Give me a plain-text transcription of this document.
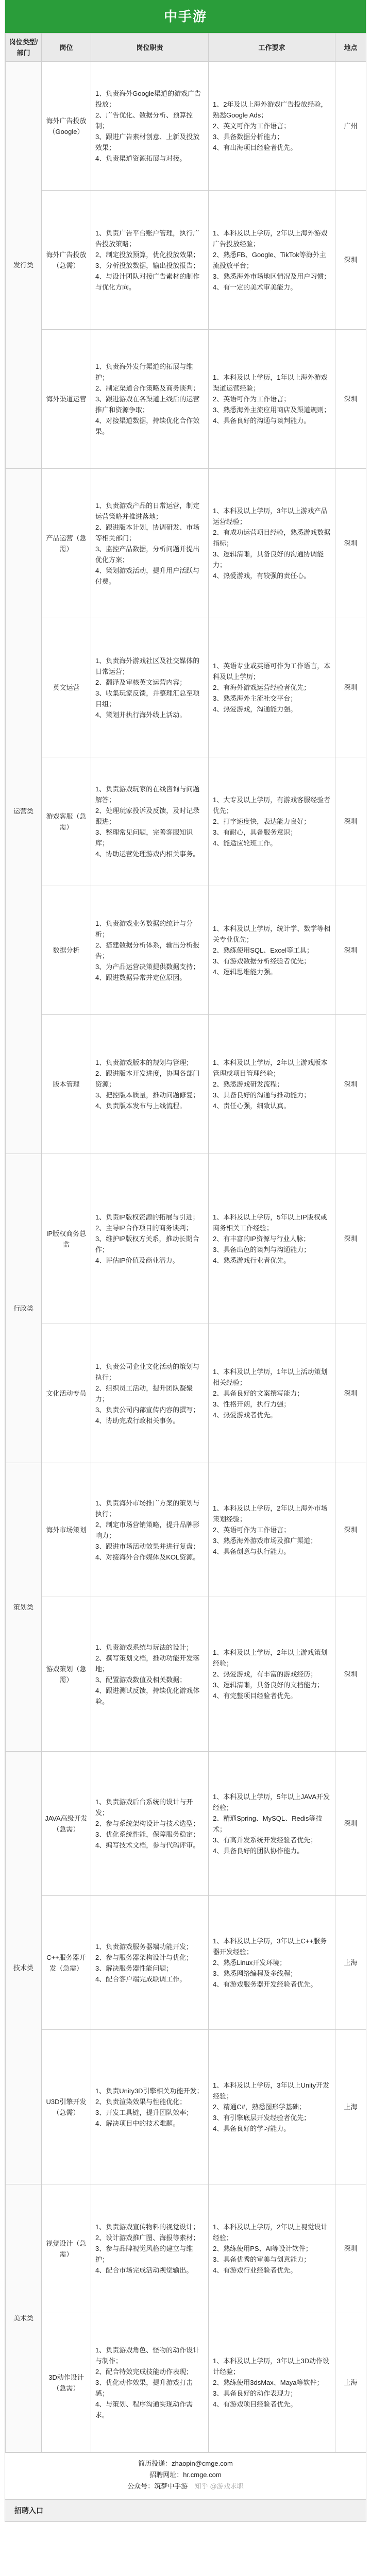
中手游
岗位类型/部门	岗位	岗位职责	工作要求	地点
发行类	海外广告投放（Google）	1、负责海外Google渠道的游戏广告投放；
2、广告优化、数据分析、预算控制；
3、跟进广告素材创意、上新及投放效果；
4、负责渠道资源拓展与对接。	1、2年及以上海外游戏广告投放经验，熟悉Google Ads；
2、英文可作为工作语言；
3、具备数据分析能力；
4、有出海项目经验者优先。	广州
	海外广告投放（急需）	1、负责广告平台账户管理，执行广告投放策略；
2、制定投放预算，优化投放效果；
3、分析投放数据，输出投放报告；
4、与设计团队对接广告素材的制作与优化方向。	1、本科及以上学历，2年以上海外游戏广告投放经验；
2、熟悉FB、Google、TikTok等海外主流投放平台；
3、熟悉海外市场地区情况及用户习惯；
4、有一定的美术审美能力。	深圳
	海外渠道运营	1、负责海外发行渠道的拓展与维护；
2、制定渠道合作策略及商务谈判；
3、跟进游戏在各渠道上线后的运营推广和资源争取；
4、对接渠道数据，持续优化合作效果。	1、本科及以上学历，1年以上海外游戏渠道运营经验；
2、英语可作为工作语言；
3、熟悉海外主流应用商店及渠道规则；
4、具备良好的沟通与谈判能力。	深圳
运营类	产品运营（急需）	1、负责游戏产品的日常运营，制定运营策略并推进落地；
2、跟进版本计划，协调研发、市场等相关部门；
3、监控产品数据，分析问题并提出优化方案；
4、策划游戏活动，提升用户活跃与付费。	1、本科及以上学历，3年以上游戏产品运营经验；
2、有成功运营项目经验，熟悉游戏数据指标；
3、逻辑清晰，具备良好的沟通协调能力；
4、热爱游戏，有较强的责任心。	深圳
	英文运营	1、负责海外游戏社区及社交媒体的日常运营；
2、翻译及审核英文运营内容；
3、收集玩家反馈，并整理汇总至项目组；
4、策划并执行海外线上活动。	1、英语专业或英语可作为工作语言，本科及以上学历；
2、有海外游戏运营经验者优先；
3、熟悉海外主流社交平台；
4、热爱游戏，沟通能力强。	深圳
	游戏客服（急需）	1、负责游戏玩家的在线咨询与问题解答；
2、处理玩家投诉及反馈，及时记录跟进；
3、整理常见问题，完善客服知识库；
4、协助运营处理游戏内相关事务。	1、大专及以上学历，有游戏客服经验者优先；
2、打字速度快，表达能力良好；
3、有耐心，具备服务意识；
4、能适应轮班工作。	深圳
	数据分析	1、负责游戏业务数据的统计与分析；
2、搭建数据分析体系，输出分析报告；
3、为产品运营决策提供数据支持；
4、跟进数据异常并定位原因。	1、本科及以上学历，统计学、数学等相关专业优先；
2、熟练使用SQL、Excel等工具；
3、有游戏数据分析经验者优先；
4、逻辑思维能力强。	深圳
	版本管理	1、负责游戏版本的规划与管理；
2、跟进版本开发进度，协调各部门资源；
3、把控版本质量，推动问题修复；
4、负责版本发布与上线流程。	1、本科及以上学历，2年以上游戏版本管理或项目管理经验；
2、熟悉游戏研发流程；
3、具备良好的沟通与推动能力；
4、责任心强，细致认真。	深圳
行政类	IP版权商务总监	1、负责IP版权资源的拓展与引进；
2、主导IP合作项目的商务谈判；
3、维护IP版权方关系，推动长期合作；
4、评估IP价值及商业潜力。	1、本科及以上学历，5年以上IP版权或商务相关工作经验；
2、有丰富的IP资源与行业人脉；
3、具备出色的谈判与沟通能力；
4、熟悉游戏行业者优先。	深圳
	文化活动专员	1、负责公司企业文化活动的策划与执行；
2、组织员工活动，提升团队凝聚力；
3、负责公司内部宣传内容的撰写；
4、协助完成行政相关事务。	1、本科及以上学历，1年以上活动策划相关经验；
2、具备良好的文案撰写能力；
3、性格开朗，执行力强；
4、热爱游戏者优先。	深圳
策划类	海外市场策划	1、负责海外市场推广方案的策划与执行；
2、制定市场营销策略，提升品牌影响力；
3、跟进市场活动效果并进行复盘；
4、对接海外合作媒体及KOL资源。	1、本科及以上学历，2年以上海外市场策划经验；
2、英语可作为工作语言；
3、熟悉海外游戏市场及推广渠道；
4、具备创意与执行能力。	深圳
	游戏策划（急需）	1、负责游戏系统与玩法的设计；
2、撰写策划文档，推动功能开发落地；
3、配置游戏数值及相关数据；
4、跟进测试反馈，持续优化游戏体验。	1、本科及以上学历，2年以上游戏策划经验；
2、热爱游戏，有丰富的游戏经历；
3、逻辑清晰，具备良好的文档能力；
4、有完整项目经验者优先。	深圳
技术类	JAVA高级开发（急需）	1、负责游戏后台系统的设计与开发；
2、参与系统架构设计与技术选型；
3、优化系统性能，保障服务稳定；
4、编写技术文档，参与代码评审。	1、本科及以上学历，5年以上JAVA开发经验；
2、精通Spring、MySQL、Redis等技术；
3、有高并发系统开发经验者优先；
4、具备良好的团队协作能力。	深圳
	C++服务器开发（急需）	1、负责游戏服务器端功能开发；
2、参与服务器架构设计与优化；
3、解决服务器性能问题；
4、配合客户端完成联调工作。	1、本科及以上学历，3年以上C++服务器开发经验；
2、熟悉Linux开发环境；
3、熟悉网络编程及多线程；
4、有游戏服务器开发经验者优先。	上海
	U3D引擎开发（急需）	1、负责Unity3D引擎相关功能开发；
2、负责渲染效果与性能优化；
3、开发工具链，提升团队效率；
4、解决项目中的技术难题。	1、本科及以上学历，3年以上Unity开发经验；
2、精通C#，熟悉图形学基础；
3、有引擎底层开发经验者优先；
4、具备良好的学习能力。	上海
美术类	视觉设计（急需）	1、负责游戏宣传物料的视觉设计；
2、设计游戏推广图、海报等素材；
3、参与品牌视觉风格的建立与维护；
4、配合市场完成活动视觉输出。	1、本科及以上学历，2年以上视觉设计经验；
2、熟练使用PS、AI等设计软件；
3、具备优秀的审美与创意能力；
4、有游戏行业经验者优先。	深圳
	3D动作设计（急需）	1、负责游戏角色、怪物的动作设计与制作；
2、配合特效完成技能动作表现；
3、优化动作效果，提升游戏打击感；
4、与策划、程序沟通实现动作需求。	1、本科及以上学历，3年以上3D动作设计经验；
2、熟练使用3dsMax、Maya等软件；
3、具备良好的动作表现力；
4、有游戏项目经验者优先。	上海
简历投递：zhaopin@cmge.com
招聘网址：hr.cmge.com
公众号：筑梦中手游 知乎 @游戏求职
招聘入口
